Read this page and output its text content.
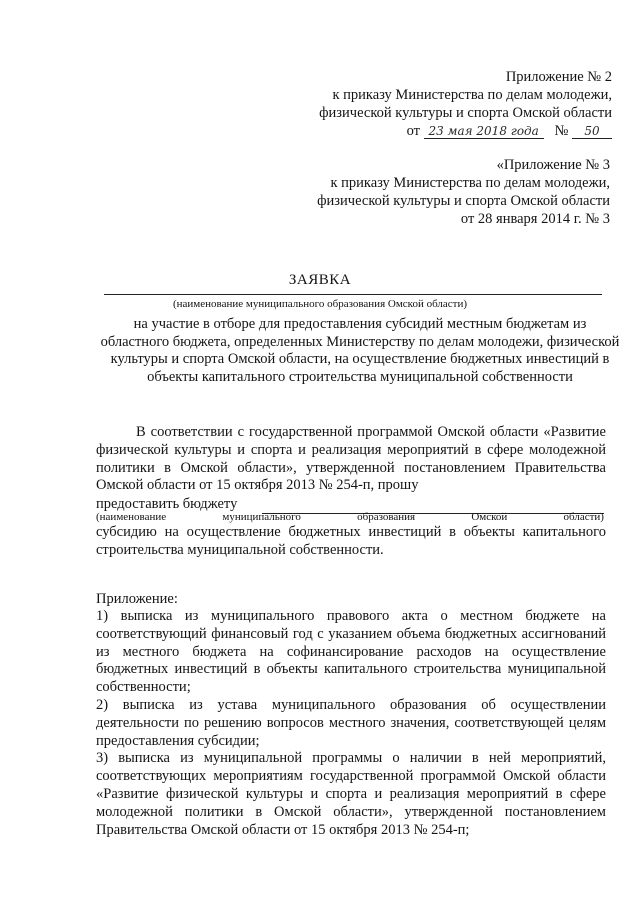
Приложение № 2
к приказу Министерства по делам молодежи,
физической культуры и спорта Омской области
от 23 мая 2018 года № 50
«Приложение № 3
к приказу Министерства по делам молодежи,
физической культуры и спорта Омской области
от 28 января 2014 г. № 3
ЗАЯВКА
(наименование муниципального образования Омской области)
на участие в отборе для предоставления субсидий местным бюджетам из областного бюджета, определенных Министерству по делам молодежи, физической культуры и спорта Омской области, на осуществление бюджетных инвестиций в объекты капитального строительства муниципальной собственности
В соответствии с государственной программой Омской области «Развитие физической культуры и спорта и реализация мероприятий в сфере молодежной политики в Омской области», утвержденной постановлением Правительства Омской области от 15 октября 2013 № 254-п, прошу
предоставить бюджету
(наименование	муниципального	образования	Омской	области)
субсидию на осуществление бюджетных инвестиций в объекты капитального строительства муниципальной собственности.
Приложение:

1) выписка из муниципального правового акта о местном бюджете на соответствующий финансовый год с указанием объема бюджетных ассигнований из местного бюджета на софинансирование расходов на осуществление бюджетных инвестиций в объекты капитального строительства муниципальной собственности;

2) выписка из устава муниципального образования об осуществлении деятельности по решению вопросов местного значения, соответствующей целям предоставления субсидии;

3) выписка из муниципальной программы о наличии в ней мероприятий, соответствующих мероприятиям государственной программой Омской области «Развитие физической культуры и спорта и реализация мероприятий в сфере молодежной политики в Омской области», утвержденной постановлением Правительства Омской области от 15 октября 2013 № 254-п;
